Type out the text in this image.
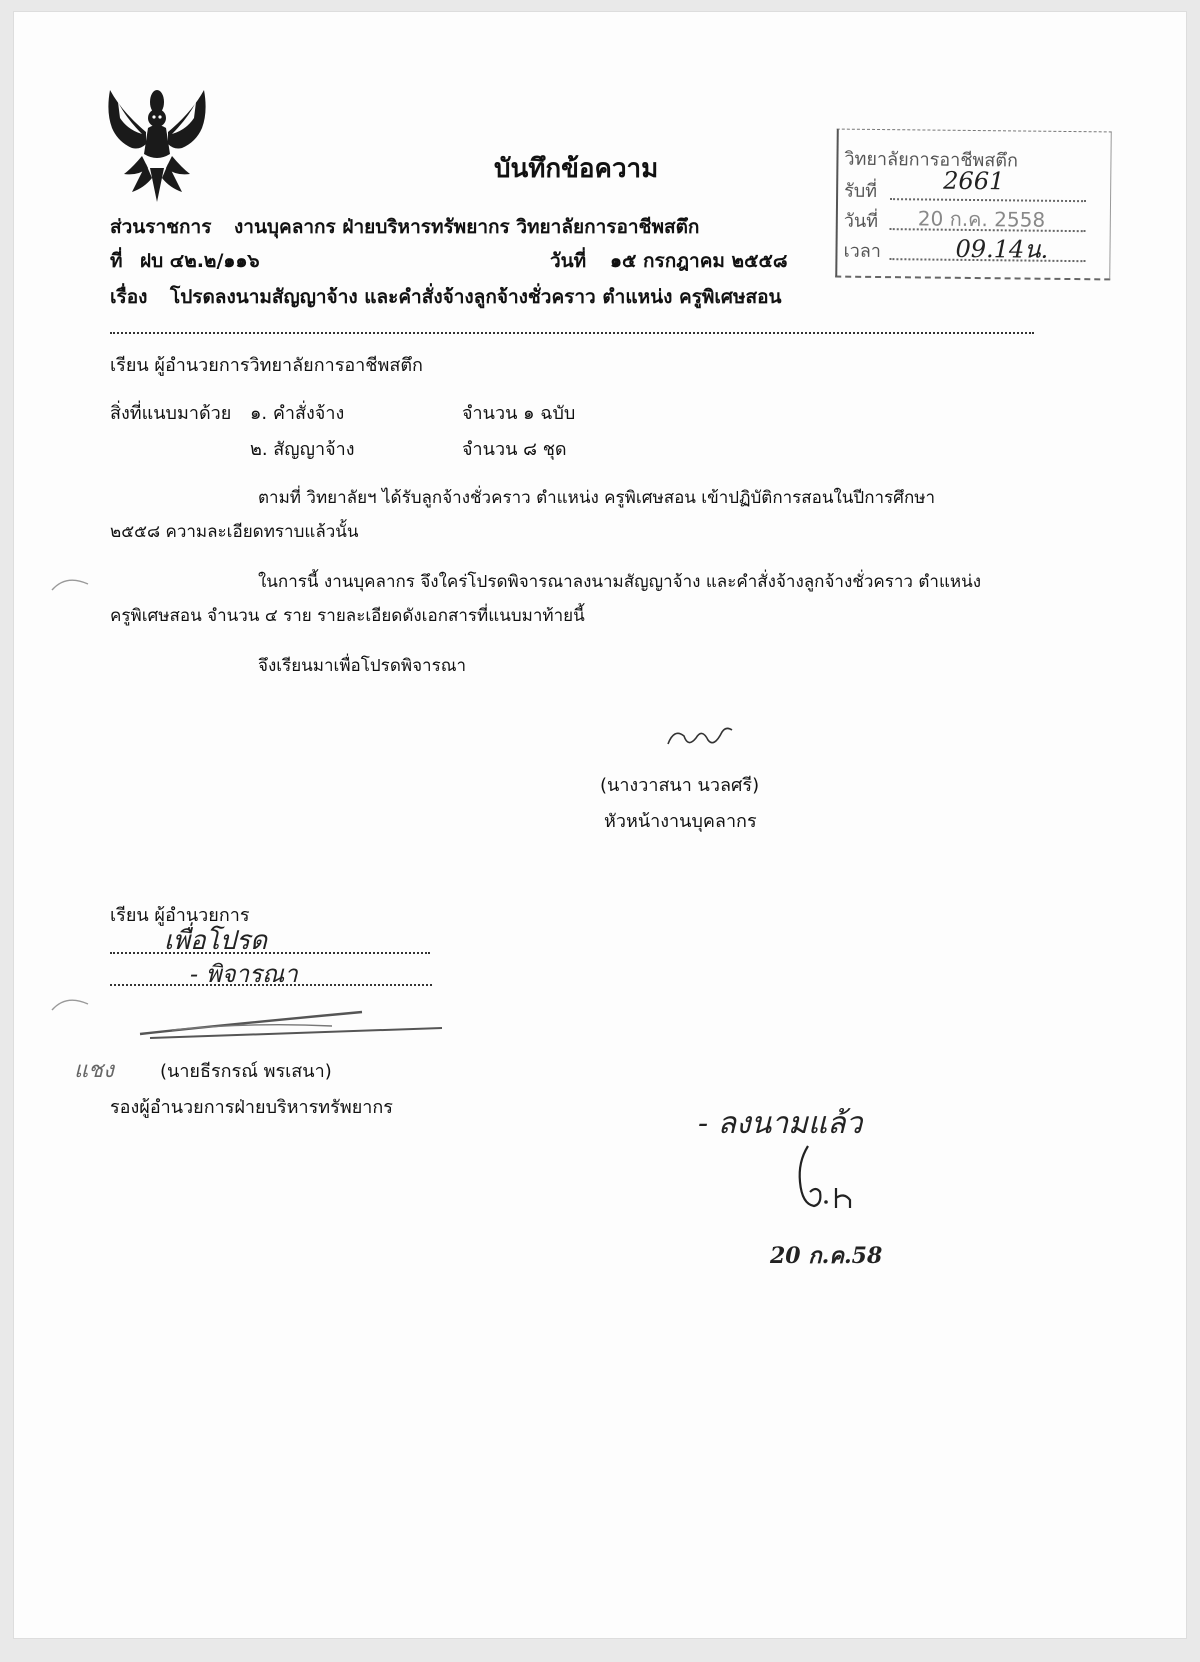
บันทึกข้อความ	วิทยาลัยการอาชีพสตึก
รับที่	2661
วันที่ 20 ก.ค. 2558
เวลา	09.14น.
ส่วนราชการ งานบุคลากร ฝ่ายบริหารทรัพยากร วิทยาลัยการอาชีพสตึก
ที่ ฝบ ๔๒.๒/๑๑๖	วันที่ ๑๕ กรกฎาคม ๒๕๕๘
เรื่อง โปรดลงนามสัญญาจ้าง และคำสั่งจ้างลูกจ้างชั่วคราว ตำแหน่ง ครูพิเศษสอน
เรียน ผู้อำนวยการวิทยาลัยการอาชีพสตึก
สิ่งที่แนบมาด้วย ๑. คำสั่งจ้าง	จำนวน ๑ ฉบับ
๒. สัญญาจ้าง	จำนวน ๘ ชุด
ตามที่ วิทยาลัยฯ ได้รับลูกจ้างชั่วคราว ตำแหน่ง ครูพิเศษสอน เข้าปฏิบัติการสอนในปีการศึกษา
๒๕๕๘ ความละเอียดทราบแล้วนั้น
ในการนี้ งานบุคลากร จึงใคร่โปรดพิจารณาลงนามสัญญาจ้าง และคำสั่งจ้างลูกจ้างชั่วคราว ตำแหน่ง
ครูพิเศษสอน จำนวน ๔ ราย รายละเอียดดังเอกสารที่แนบมาท้ายนี้
จึงเรียนมาเพื่อโปรดพิจารณา
(นางวาสนา นวลศรี)
หัวหน้างานบุคลากร
เรียน ผู้อำนวยการ
เพื่อโปรด
- พิจารณา
แชง	(นายธีรกรณ์ พรเสนา)
รองผู้อำนวยการฝ่ายบริหารทรัพยากร	- ลงนามแล้ว
20 ก.ค.58
